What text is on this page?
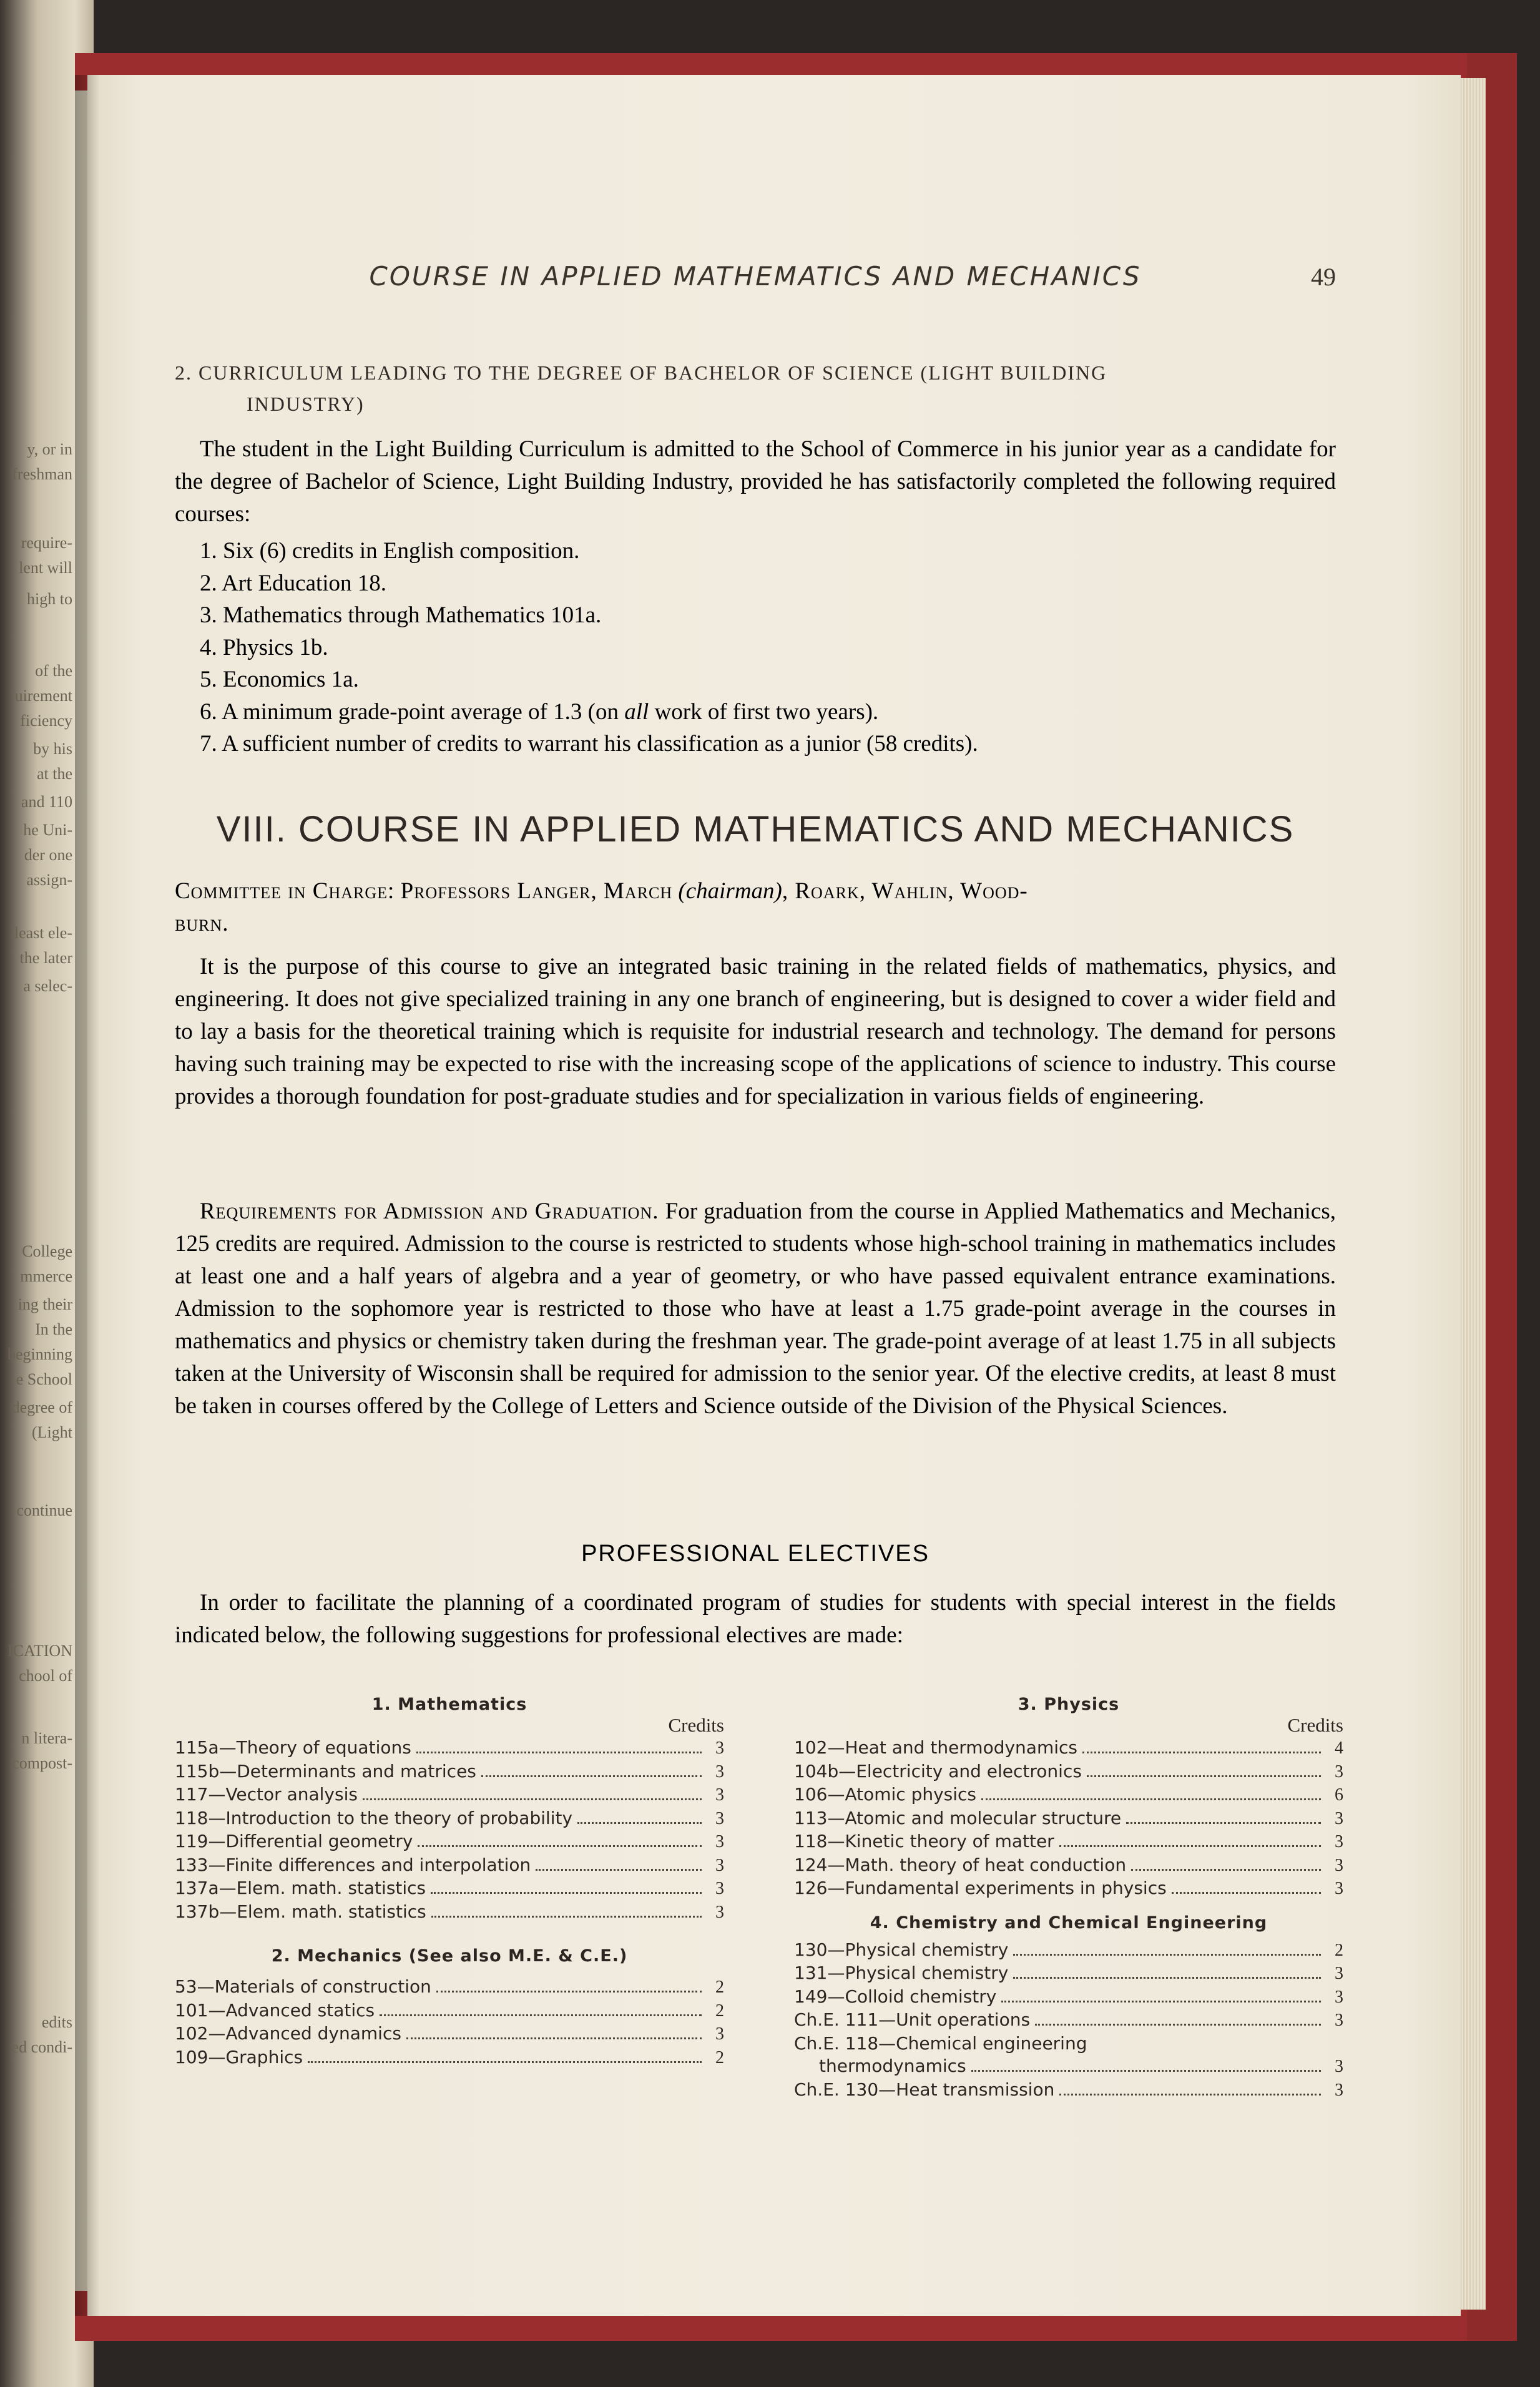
y, or in
freshman
require-
lent will
high to
of the
uirement
ficiency
by his
at the
and 110
he Uni-
der one
assign-
least ele-
the later
a selec-
College
mmerce
ing their
In the
beginning
e School
degree of
(Light
continue
ICATION
chool of
n litera-
compost-
edits
ed condi-
COURSE IN APPLIED MATHEMATICS AND MECHANICS	49
2. CURRICULUM LEADING TO THE DEGREE OF BACHELOR OF SCIENCE (LIGHT BUILDING
INDUSTRY)
The student in the Light Building Curriculum is admitted to the School of Commerce in his junior year as a candidate for the degree of Bachelor of Science, Light Building Industry, provided he has satisfactorily completed the following required courses:
1. Six (6) credits in English composition.
2. Art Education 18.
3. Mathematics through Mathematics 101a.
4. Physics 1b.
5. Economics 1a.
6. A minimum grade-point average of 1.3 (on all work of first two years).
7. A sufficient number of credits to warrant his classification as a junior (58 credits).
VIII. COURSE IN APPLIED MATHEMATICS AND MECHANICS
Committee in Charge: Professors Langer, March (chairman), Roark, Wahlin, Wood-
burn.
It is the purpose of this course to give an integrated basic training in the related fields of mathematics, physics, and engineering. It does not give specialized training in any one branch of engineering, but is designed to cover a wider field and to lay a basis for the theoretical training which is requisite for industrial research and technology. The demand for persons having such training may be expected to rise with the increasing scope of the applications of science to industry. This course provides a thorough foundation for post-graduate studies and for specialization in various fields of engineering.
Requirements for Admission and Graduation. For graduation from the course in Applied Mathematics and Mechanics, 125 credits are required. Admission to the course is restricted to students whose high-school training in mathematics includes at least one and a half years of algebra and a year of geometry, or who have passed equivalent entrance examinations. Admission to the sophomore year is restricted to those who have at least a 1.75 grade-point average in the courses in mathematics and physics or chemistry taken during the freshman year. The grade-point average of at least 1.75 in all subjects taken at the University of Wisconsin shall be required for admission to the senior year. Of the elective credits, at least 8 must be taken in courses offered by the College of Letters and Science outside of the Division of the Physical Sciences.
PROFESSIONAL ELECTIVES
In order to facilitate the planning of a coordinated program of studies for students with special interest in the fields indicated below, the following suggestions for professional electives are made:
1. Mathematics
Credits
115a—Theory of equations	3
115b—Determinants and matrices	3
117—Vector analysis	3
118—Introduction to the theory of probability	3
119—Differential geometry	3
133—Finite differences and interpolation	3
137a—Elem. math. statistics	3
137b—Elem. math. statistics	3
2. Mechanics (See also M.E. & C.E.)
53—Materials of construction	2
101—Advanced statics	2
102—Advanced dynamics	3
109—Graphics	2
3. Physics
Credits
102—Heat and thermodynamics	4
104b—Electricity and electronics	3
106—Atomic physics	6
113—Atomic and molecular structure	3
118—Kinetic theory of matter	3
124—Math. theory of heat conduction	3
126—Fundamental experiments in physics	3
4. Chemistry and Chemical Engineering
130—Physical chemistry	2
131—Physical chemistry	3
149—Colloid chemistry	3
Ch.E. 111—Unit operations	3
Ch.E. 118—Chemical engineering
thermodynamics	3
Ch.E. 130—Heat transmission	3
